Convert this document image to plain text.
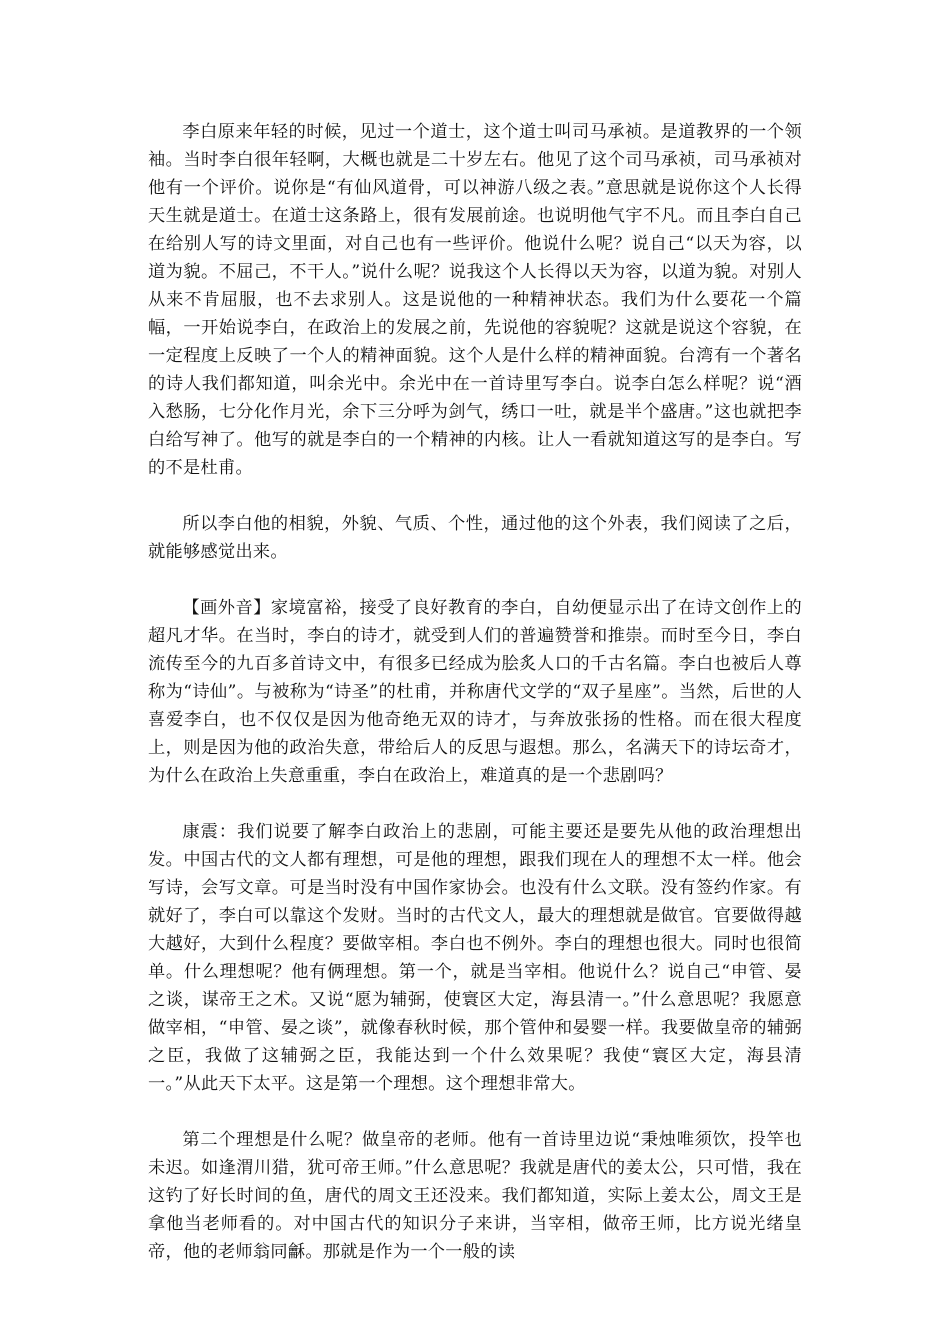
李白原来年轻的时候，见过一个道士，这个道士叫司马承祯。是道教界的一个领袖。当时李白很年轻啊，大概也就是二十岁左右。他见了这个司马承祯，司马承祯对他有一个评价。说你是“有仙风道骨，可以神游八级之表。”意思就是说你这个人长得天生就是道士。在道士这条路上，很有发展前途。也说明他气宇不凡。而且李白自己在给别人写的诗文里面，对自己也有一些评价。他说什么呢？说自己“以天为容，以道为貌。不屈己，不干人。”说什么呢？说我这个人长得以天为容，以道为貌。对别人从来不肯屈服，也不去求别人。这是说他的一种精神状态。我们为什么要花一个篇幅，一开始说李白，在政治上的发展之前，先说他的容貌呢？这就是说这个容貌，在一定程度上反映了一个人的精神面貌。这个人是什么样的精神面貌。台湾有一个著名的诗人我们都知道，叫余光中。余光中在一首诗里写李白。说李白怎么样呢？说“酒入愁肠，七分化作月光，余下三分呼为剑气，绣口一吐，就是半个盛唐。”这也就把李白给写神了。他写的就是李白的一个精神的内核。让人一看就知道这写的是李白。写的不是杜甫。

所以李白他的相貌，外貌、气质、个性，通过他的这个外表，我们阅读了之后，就能够感觉出来。

【画外音】家境富裕，接受了良好教育的李白，自幼便显示出了在诗文创作上的超凡才华。在当时，李白的诗才，就受到人们的普遍赞誉和推崇。而时至今日，李白流传至今的九百多首诗文中，有很多已经成为脍炙人口的千古名篇。李白也被后人尊称为“诗仙”。与被称为“诗圣”的杜甫，并称唐代文学的“双子星座”。当然，后世的人喜爱李白，也不仅仅是因为他奇绝无双的诗才，与奔放张扬的性格。而在很大程度上，则是因为他的政治失意，带给后人的反思与遐想。那么，名满天下的诗坛奇才，为什么在政治上失意重重，李白在政治上，难道真的是一个悲剧吗？

康震：我们说要了解李白政治上的悲剧，可能主要还是要先从他的政治理想出发。中国古代的文人都有理想，可是他的理想，跟我们现在人的理想不太一样。他会写诗，会写文章。可是当时没有中国作家协会。也没有什么文联。没有签约作家。有就好了，李白可以靠这个发财。当时的古代文人，最大的理想就是做官。官要做得越大越好，大到什么程度？要做宰相。李白也不例外。李白的理想也很大。同时也很简单。什么理想呢？他有俩理想。第一个，就是当宰相。他说什么？说自己“申管、晏之谈，谋帝王之术。又说“愿为辅弼，使寰区大定，海县清一。”什么意思呢？我愿意做宰相，“申管、晏之谈”，就像春秋时候，那个管仲和晏婴一样。我要做皇帝的辅弼之臣，我做了这辅弼之臣，我能达到一个什么效果呢？我使“寰区大定，海县清一。”从此天下太平。这是第一个理想。这个理想非常大。

第二个理想是什么呢？做皇帝的老师。他有一首诗里边说“秉烛唯须饮，投竿也未迟。如逢渭川猎，犹可帝王师。”什么意思呢？我就是唐代的姜太公，只可惜，我在这钓了好长时间的鱼，唐代的周文王还没来。我们都知道，实际上姜太公，周文王是拿他当老师看的。对中国古代的知识分子来讲，当宰相，做帝王师，比方说光绪皇帝，他的老师翁同龢。那就是作为一个一般的读
